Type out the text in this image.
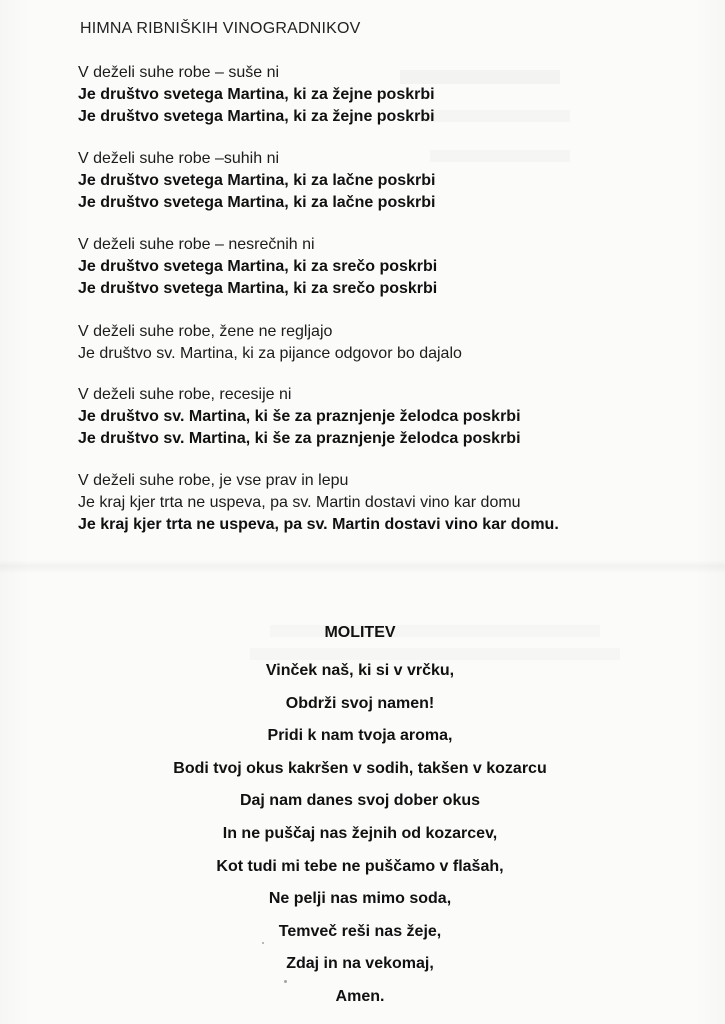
HIMNA RIBNIŠKIH VINOGRADNIKOV
V deželi suhe robe – suše ni
Je društvo svetega Martina, ki za žejne poskrbi
Je društvo svetega Martina, ki za žejne poskrbi
V deželi suhe robe –suhih ni
Je društvo svetega Martina, ki za lačne poskrbi
Je društvo svetega Martina, ki za lačne poskrbi
V deželi suhe robe – nesrečnih ni
Je društvo svetega Martina, ki za srečo poskrbi
Je društvo svetega Martina, ki za srečo poskrbi
V deželi suhe robe, žene ne regljajo
Je društvo sv. Martina, ki za pijance odgovor bo dajalo
V deželi suhe robe, recesije ni
Je društvo sv. Martina, ki še za praznjenje želodca poskrbi
Je društvo sv. Martina, ki še za praznjenje želodca poskrbi
V deželi suhe robe, je vse prav in lepu
Je kraj kjer trta ne uspeva, pa sv. Martin dostavi vino kar domu
Je kraj kjer trta ne uspeva, pa sv. Martin dostavi vino kar domu.
MOLITEV
Vinček naš, ki si v vrčku,
Obdrži svoj namen!
Pridi k nam tvoja aroma,
Bodi tvoj okus kakršen v sodih, takšen v kozarcu
Daj nam danes svoj dober okus
In ne puščaj nas žejnih od kozarcev,
Kot tudi mi tebe ne puščamo v flašah,
Ne pelji nas mimo soda,
Temveč reši nas žeje,
Zdaj in na vekomaj,
Amen.
